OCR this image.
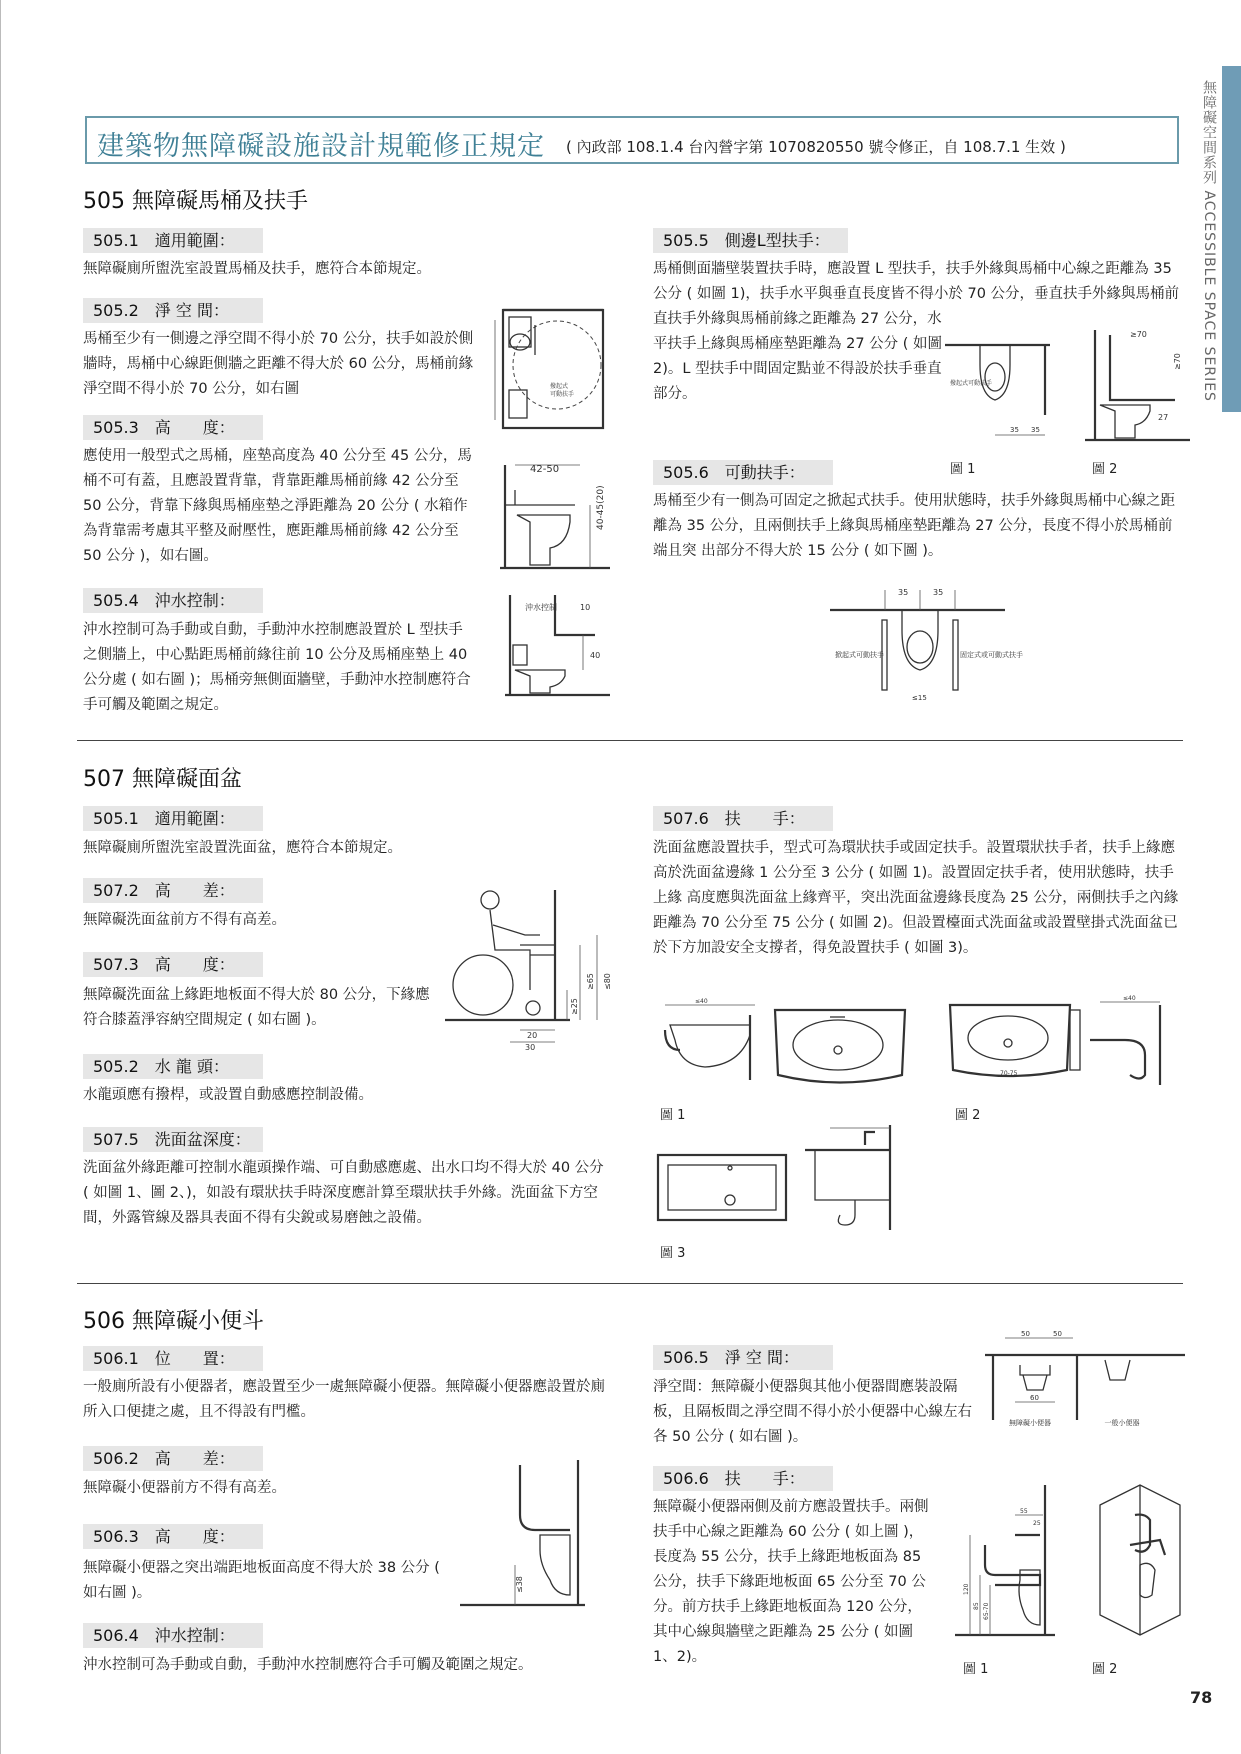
建築物無障礙設施設計規範修正規定 ( 內政部 108.1.4 台內營字第 1070820550 號令修正，自 108.7.1 生效 )	無障礙空間系列 ACCESSIBLE SPACE SERIES
505 無障礙馬桶及扶手
505.1　適用範圍：
無障礙廁所盥洗室設置馬桶及扶手，應符合本節規定。
505.2　淨 空 間：
馬桶至少有一側邊之淨空間不得小於 70 公分，扶手如設於側牆時，馬桶中心線距側牆之距離不得大於 60 公分，馬桶前緣淨空間不得小於 70 公分，如右圖
505.3　高　　度：
應使用一般型式之馬桶，座墊高度為 40 公分至 45 公分，馬桶不可有蓋，且應設置背靠，背靠距離馬桶前緣 42 公分至 50 公分，背靠下緣與馬桶座墊之淨距離為 20 公分 ( 水箱作為背靠需考慮其平整及耐壓性，應距離馬桶前緣 42 公分至 50 公分 )，如右圖。
505.4　沖水控制：
沖水控制可為手動或自動，手動沖水控制應設置於 L 型扶手之側牆上，中心點距馬桶前緣往前 10 公分及馬桶座墊上 40 公分處 ( 如右圖 )；馬桶旁無側面牆壁，手動沖水控制應符合手可觸及範圍之規定。
505.5　側邊L型扶手：
馬桶側面牆壁裝置扶手時，應設置 L 型扶手，扶手外緣與馬桶中心線之距離為 35 公分 ( 如圖 1)，扶手水平與垂直長度皆不得小於 70 公分，垂直扶手外緣與馬桶前
直扶手外緣與馬桶前緣之距離為 27 公分，水平扶手上緣與馬桶座墊距離為 27 公分 ( 如圖 2)。L 型扶手中間固定點並不得設於扶手垂直部分。
505.6　可動扶手：
馬桶至少有一側為可固定之掀起式扶手。使用狀態時，扶手外緣與馬桶中心線之距離為 35 公分，且兩側扶手上緣與馬桶座墊距離為 27 公分，長度不得小於馬桶前端且突 出部分不得大於 15 公分 ( 如下圖 )。
撥起式
可動扶手
42-50
40-45(20)
沖水控制	10
40
35 35
撥起式可動扶手
≥70
≥70
27
圖 1	圖 2
35	35
掀起式可動扶手	固定式或可動式扶手
≤15
507 無障礙面盆
505.1　適用範圍：
無障礙廁所盥洗室設置洗面盆，應符合本節規定。
507.2　高　　差：
無障礙洗面盆前方不得有高差。
507.3　高　　度：
無障礙洗面盆上緣距地板面不得大於 80 公分，下緣應符合膝蓋淨容納空間規定 ( 如右圖 )。
505.2　水 龍 頭：
水龍頭應有撥桿，或設置自動感應控制設備。
507.5　洗面盆深度：
洗面盆外緣距離可控制水龍頭操作端、可自動感應處、出水口均不得大於 40 公分 ( 如圖 1、圖 2、)，如設有環狀扶手時深度應計算至環狀扶手外緣。洗面盆下方空間，外露管線及器具表面不得有尖銳或易磨蝕之設備。
507.6　扶　　手：
洗面盆應設置扶手，型式可為環狀扶手或固定扶手。設置環狀扶手者，扶手上緣應高於洗面盆邊緣 1 公分至 3 公分 ( 如圖 1)。設置固定扶手者，使用狀態時，扶手上緣 高度應與洗面盆上緣齊平，突出洗面盆邊緣長度為 25 公分，兩側扶手之內緣距離為 70 公分至 75 公分 ( 如圖 2)。但設置檯面式洗面盆或設置壁掛式洗面盆已於下方加設安全支撐者，得免設置扶手 ( 如圖 3)。
≥65 ≤80
≥25
20
30
≤40
圖 1
70-75
≤40
圖 2
圖 3
506 無障礙小便斗
506.1　位　　置：
一般廁所設有小便器者，應設置至少一處無障礙小便器。無障礙小便器應設置於廁所入口便捷之處，且不得設有門檻。
506.2　高　　差：
無障礙小便器前方不得有高差。
506.3　高　　度：
無障礙小便器之突出端距地板面高度不得大於 38 公分 ( 如右圖 )。
506.4　沖水控制：
沖水控制可為手動或自動，手動沖水控制應符合手可觸及範圍之規定。
506.5　淨 空 間：
淨空間：無障礙小便器與其他小便器間應裝設隔板，且隔板間之淨空間不得小於小便器中心線左右各 50 公分 ( 如右圖 )。
506.6　扶　　手：
無障礙小便器兩側及前方應設置扶手。兩側扶手中心線之距離為 60 公分 ( 如上圖 )，長度為 55 公分，扶手上緣距地板面為 85 公分，扶手下緣距地板面 65 公分至 70 公分。前方扶手上緣距地板面為 120 公分，其中心線與牆壁之距離為 25 公分 ( 如圖 1、2)。
≤38
50	50
60
無障礙小便器	一般小便器
120
85 65-70
55
25
圖 1	圖 2
78
